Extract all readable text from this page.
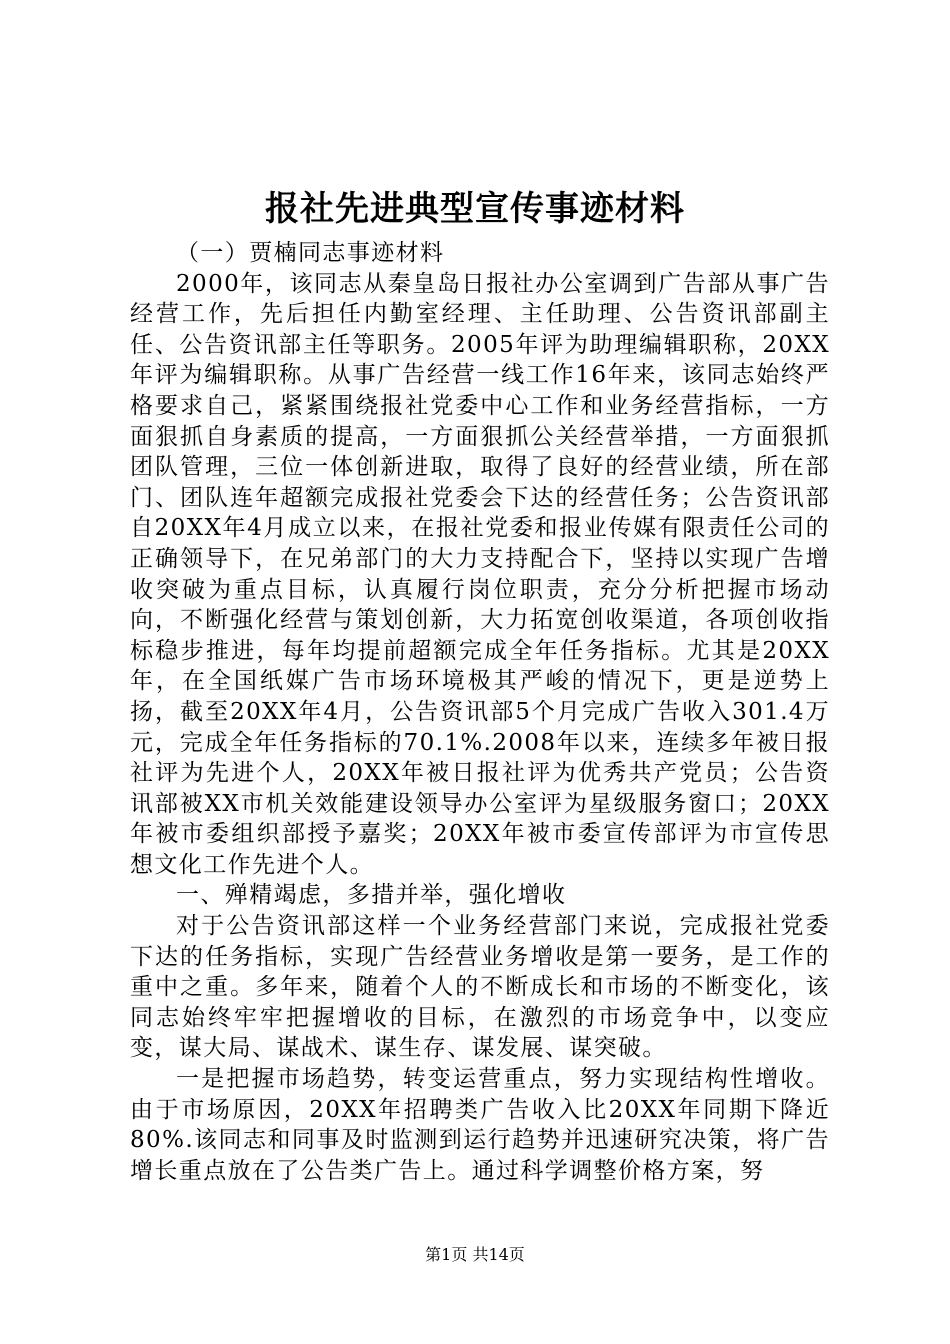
报社先进典型宣传事迹材料

（一）贾楠同志事迹材料

2000年，该同志从秦皇岛日报社办公室调到广告部从事广告经营工作，先后担任内勤室经理、主任助理、公告资讯部副主任、公告资讯部主任等职务。2005年评为助理编辑职称，20XX年评为编辑职称。从事广告经营一线工作16年来，该同志始终严格要求自己，紧紧围绕报社党委中心工作和业务经营指标，一方面狠抓自身素质的提高，一方面狠抓公关经营举措，一方面狠抓团队管理，三位一体创新进取，取得了良好的经营业绩，所在部门、团队连年超额完成报社党委会下达的经营任务；公告资讯部自20XX年4月成立以来，在报社党委和报业传媒有限责任公司的正确领导下，在兄弟部门的大力支持配合下，坚持以实现广告增收突破为重点目标，认真履行岗位职责，充分分析把握市场动向，不断强化经营与策划创新，大力拓宽创收渠道，各项创收指标稳步推进，每年均提前超额完成全年任务指标。尤其是20XX年，在全国纸媒广告市场环境极其严峻的情况下，更是逆势上扬，截至20XX年4月，公告资讯部5个月完成广告收入301.4万元，完成全年任务指标的70.1%.2008年以来，连续多年被日报社评为先进个人，20XX年被日报社评为优秀共产党员；公告资讯部被XX市机关效能建设领导办公室评为星级服务窗口；20XX年被市委组织部授予嘉奖；20XX年被市委宣传部评为市宣传思想文化工作先进个人。

一、殚精竭虑，多措并举，强化增收

对于公告资讯部这样一个业务经营部门来说，完成报社党委下达的任务指标，实现广告经营业务增收是第一要务，是工作的重中之重。多年来，随着个人的不断成长和市场的不断变化，该同志始终牢牢把握增收的目标，在激烈的市场竞争中，以变应变，谋大局、谋战术、谋生存、谋发展、谋突破。

一是把握市场趋势，转变运营重点，努力实现结构性增收。由于市场原因，20XX年招聘类广告收入比20XX年同期下降近80%.该同志和同事及时监测到运行趋势并迅速研究决策，将广告增长重点放在了公告类广告上。通过科学调整价格方案，努

第1页 共14页
